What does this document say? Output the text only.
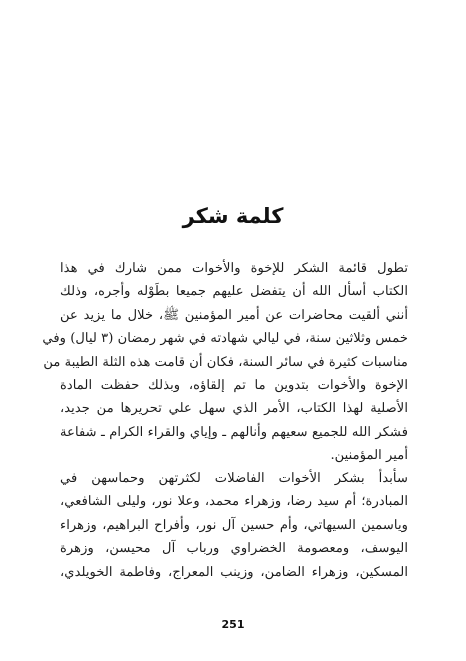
كلمة شكر
تطول قائمة الشكر للإخوة والأخوات ممن شارك في هذا
الكتاب أسأل الله أن يتفضل عليهم جميعا بطَوْله وأجره، وذلك
أنني ألقيت محاضرات عن أمير المؤمنين ﷺ، خلال ما يزيد عن
خمس وثلاثين سنة، في ليالي شهادته في شهر رمضان (٣ ليال) وفي
مناسبات كثيرة في سائر السنة، فكان أن قامت هذه الثلة الطيبة من
الإخوة والأخوات بتدوين ما تم إلقاؤه، وبذلك حفظت المادة
الأصلية لهذا الكتاب، الأمر الذي سهل علي تحريرها من جديد،
فشكر الله للجميع سعيهم وأنالهم ـ وإياي والقراء الكرام ـ شفاعة
أمير المؤمنين.
سأبدأ بشكر الأخوات الفاضلات لكثرتهن وحماسهن في
المبادرة؛ أم سيد رضا، وزهراء محمد، وعلا نور، وليلى الشافعي،
وياسمين السيهاتي، وأم حسين آل نور، وأفراح البراهيم، وزهراء
اليوسف، ومعصومة الخضراوي ورباب آل محيسن، وزهرة
المسكين، وزهراء الضامن، وزينب المعراج، وفاطمة الخويلدي،
251
